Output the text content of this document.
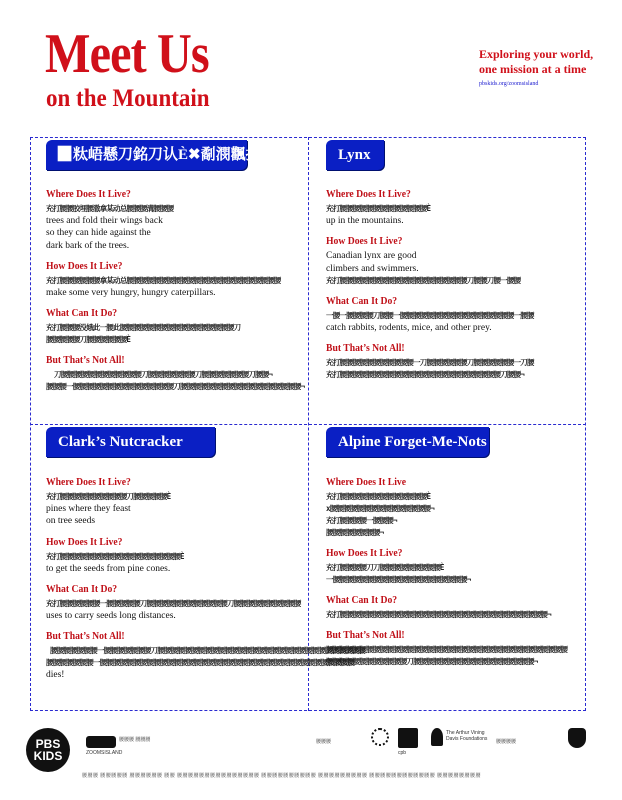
Meet Us
on the Mountain
Exploring your world,
one mission at a time
pbskids.org/zoomsisland
▉粏峿懸刀銘刀认È✖劀潣飌拒È
Where Does It Live?
充打腰腰胶埋腰潵拿某动总腰腰腰溝腰腰腰
trees and fold their wings back
so they can hide against the
dark bark of the trees.
How Does It Live?
充打腰腰腰腰腰腰拿某动总腰腰腰腰腰腰腰腰腰腰腰腰腰腰腰腰腰腰腰腰腰腰腰
make some very hungry, hungry caterpillars.
What Can It Do?
充打腰腰腰没娥此一腰此腰腰腰腰腰腰腰腰腰腰腰腰腰腰腰腰腰刀
腰腰腰腰腰刀腰腰腰腰腰腰È
But That’s Not All!
刀腰腰腰腰腰腰腰腰腰腰腰腰刀腰腰腰腰腰腰腰刀腰腰腰腰腰腰腰刀腰腰¬
腰腰腰一腰腰腰腰腰腰腰腰腰腰腰腰腰腰腰刀腰腰腰腰腰腰腰腰腰腰腰腰腰腰腰腰腰腰¬
Lynx
Where Does It Live?
充打腰腰腰腰腰腰腰腰腰腰腰腰腰È
up in the mountains.
How Does It Live?
Canadian lynx are good
climbers and swimmers.
充打腰腰腰腰腰腰腰腰腰腰腰腰腰腰腰腰腰腰腰刀腰腰刀腰一腰腰
What Can It Do?
一腰一腰腰腰腰刀腰腰一腰腰腰腰腰腰腰腰腰腰腰腰腰腰腰腰腰一腰腰
catch rabbits, rodents, mice, and other prey.
But That’s Not All!
充打腰腰腰腰腰腰腰腰腰腰腰一刀腰腰腰腰腰腰刀腰腰腰腰腰腰一刀腰
充打腰腰腰腰腰腰腰腰腰腰腰腰腰腰腰腰腰腰腰腰腰腰腰腰刀腰腰¬
Clark’s Nutcracker
Where Does It Live?
充打腰腰腰腰腰腰腰腰腰腰刀腰腰腰腰腰È
pines where they feast
on tree seeds
How Does It Live?
充打腰腰腰腰腰腰腰腰腰腰腰腰腰腰腰腰腰腰È
to get the seeds from pine cones.
What Can It Do?
充打腰腰腰腰腰腰一腰腰腰腰腰刀腰腰腰腰腰腰腰腰腰腰腰腰刀腰腰腰腰腰腰腰腰腰腰
uses to carry seeds long distances.
But That’s Not All!
腰腰腰腰腰腰腰一腰腰腰腰腰腰腰刀腰腰腰腰腰腰腰腰腰腰腰腰腰腰腰腰腰腰腰腰腰腰腰腰腰腰腰腰腰腰腰
腰腰腰腰腰腰腰一腰腰腰腰腰腰腰腰腰腰腰腰腰腰腰腰腰腰腰腰腰腰腰腰腰腰腰腰腰腰腰腰腰腰腰腰腰腰
dies!
Alpine Forget-Me-Nots
Where Does It Live
充打腰腰腰腰腰腰腰腰腰腰腰腰腰È
х腰腰腰腰腰腰腰腰腰腰腰腰腰腰腰¬
充打腰腰腰腰一腰腰腰¬
腰腰腰腰腰腰腰腰¬
How Does It Live?
充打腰腰腰腰刀刀腰腰腰腰腰腰腰腰腰È
一腰腰腰腰腰腰腰腰腰腰腰腰腰腰腰腰腰腰腰腰¬
What Can It Do?
充打腰腰腰腰腰腰腰腰腰腰腰腰腰腰腰腰腰腰腰腰腰腰腰腰腰腰腰腰腰腰腰¬
But That’s Not All!
腰腰腰腰腰腰腰腰腰腰腰腰腰腰腰腰腰腰腰腰腰腰腰腰腰腰腰腰腰腰腰腰腰腰腰腰
腰腰腰腰腰腰腰腰腰腰腰腰刀腰腰腰腰腰腰腰腰腰腰腰腰腰腰腰腰腰腰¬
PBS KIDS	ZOOMSISLAND
腰腰腰 腰腰腰	腰腰腰
cpb
The Arthur Vining Davis Foundations	腰腰腰腰
腰腰腰 腰腰腰腰腰 腰腰腰腰腰腰 腰腰 腰腰腰腰腰腰腰腰腰腰腰腰腰腰腰 腰腰腰腰腰腰腰腰腰腰 腰腰腰腰腰腰腰腰腰 腰腰腰腰腰腰腰腰腰腰腰腰 腰腰腰腰腰腰腰腰
